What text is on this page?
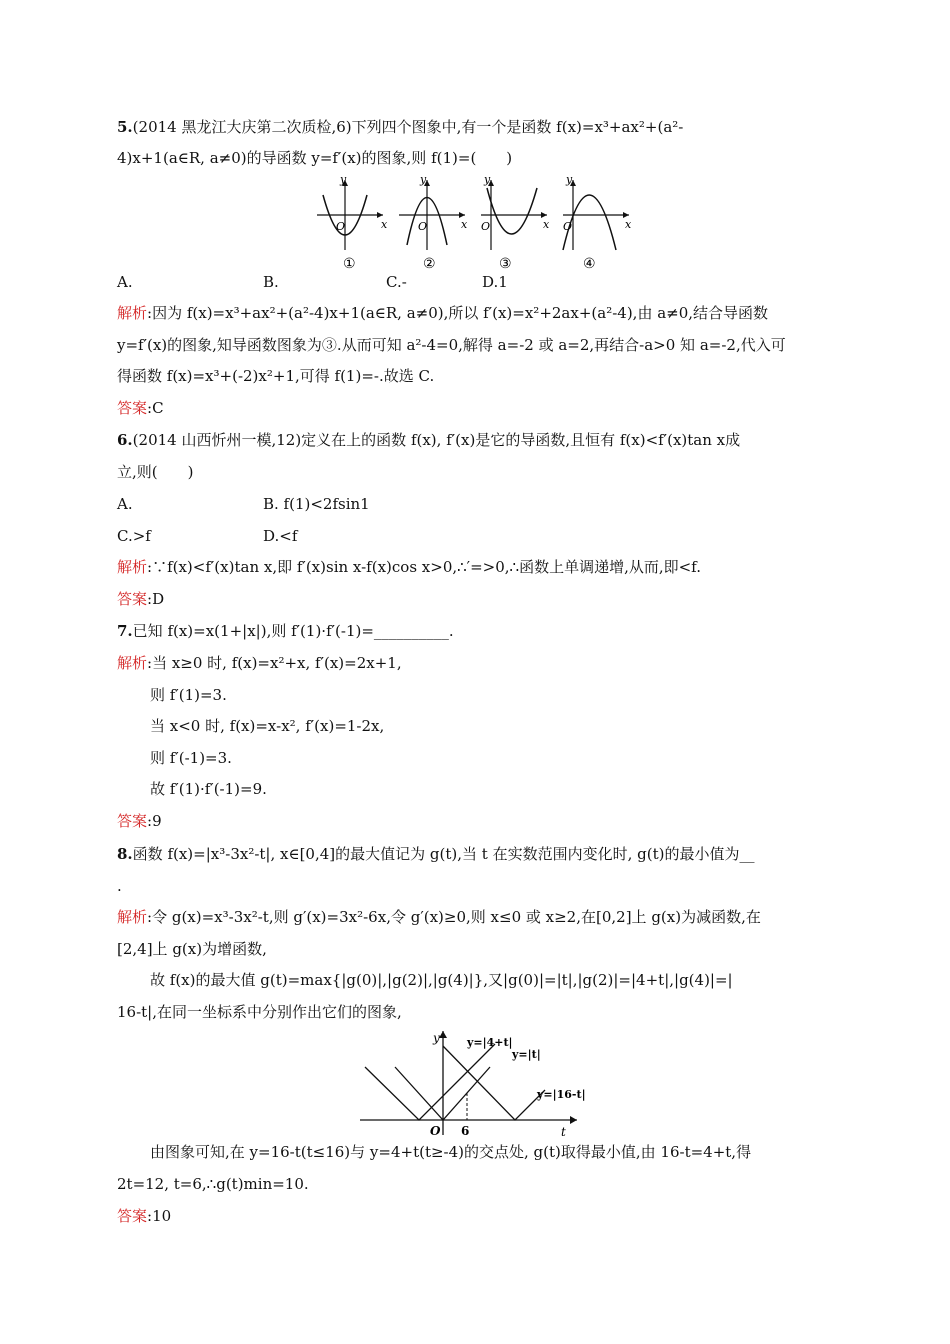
5.(2014 黑龙江大庆第二次质检,6)下列四个图象中,有一个是函数 f(x)=x³+ax²+(a²-
4)x+1(a∈R, a≠0)的导函数 y=f′(x)的图象,则 f(1)=(　　)
y
x
O
①
y
x
O
②
y
x
O
③
y
x
O
④
A.	B.	C.-	D.1
解析:因为 f(x)=x³+ax²+(a²-4)x+1(a∈R, a≠0),所以 f′(x)=x²+2ax+(a²-4),由 a≠0,结合导函数
y=f′(x)的图象,知导函数图象为③.从而可知 a²-4=0,解得 a=-2 或 a=2,再结合-a>0 知 a=-2,代入可
得函数 f(x)=x³+(-2)x²+1,可得 f(1)=-.故选 C.
答案:C
6.(2014 山西忻州一模,12)定义在上的函数 f(x), f′(x)是它的导函数,且恒有 f(x)<f′(x)tan x成
立,则(　　)
A.	B. f(1)<2fsin1
C.>f	D.<f
解析:∵f(x)<f′(x)tan x,即 f′(x)sin x-f(x)cos x>0,∴′=>0,∴函数上单调递增,从而,即<f.
答案:D
7.已知 f(x)=x(1+|x|),则 f′(1)·f′(-1)=__________.
解析:当 x≥0 时, f(x)=x²+x, f′(x)=2x+1,
则 f′(1)=3.
当 x<0 时, f(x)=x-x², f′(x)=1-2x,
则 f′(-1)=3.
故 f′(1)·f′(-1)=9.
答案:9
8.函数 f(x)=|x³-3x²-t|, x∈[0,4]的最大值记为 g(t),当 t 在实数范围内变化时, g(t)的最小值为__
.
解析:令 g(x)=x³-3x²-t,则 g′(x)=3x²-6x,令 g′(x)≥0,则 x≤0 或 x≥2,在[0,2]上 g(x)为减函数,在
[2,4]上 g(x)为增函数,
故 f(x)的最大值 g(t)=max{|g(0)|,|g(2)|,|g(4)|},又|g(0)|=|t|,|g(2)|=|4+t|,|g(4)|=|
16-t|,在同一坐标系中分别作出它们的图象,
y
t
O 6
y=|4+t|
y=|t|
y=|16-t|
由图象可知,在 y=16-t(t≤16)与 y=4+t(t≥-4)的交点处, g(t)取得最小值,由 16-t=4+t,得
2t=12, t=6,∴g(t)min=10.
答案:10
